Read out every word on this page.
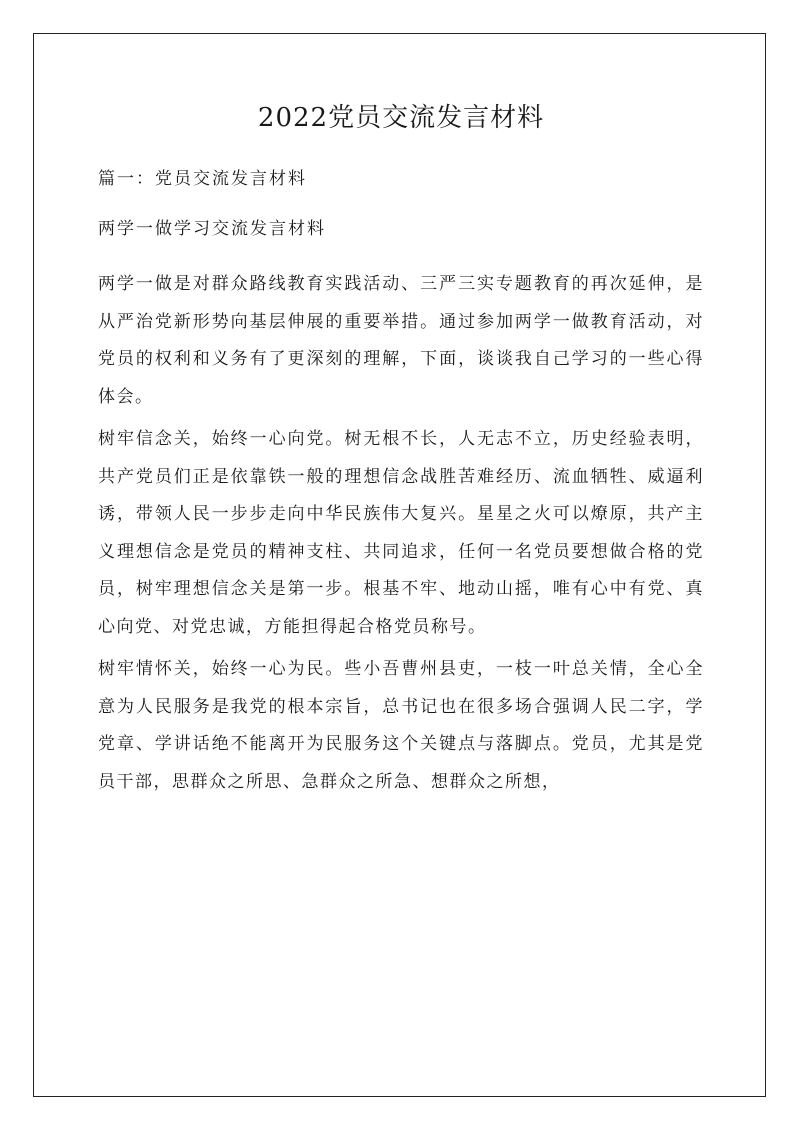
2022党员交流发言材料

篇一：党员交流发言材料

两学一做学习交流发言材料

两学一做是对群众路线教育实践活动、三严三实专题教育的再次延伸，是从严治党新形势向基层伸展的重要举措。通过参加两学一做教育活动，对党员的权利和义务有了更深刻的理解，下面，谈谈我自己学习的一些心得体会。

树牢信念关，始终一心向党。树无根不长，人无志不立，历史经验表明，共产党员们正是依靠铁一般的理想信念战胜苦难经历、流血牺牲、威逼利诱，带领人民一步步走向中华民族伟大复兴。星星之火可以燎原，共产主义理想信念是党员的精神支柱、共同追求，任何一名党员要想做合格的党员，树牢理想信念关是第一步。根基不牢、地动山摇，唯有心中有党、真心向党、对党忠诚，方能担得起合格党员称号。

树牢情怀关，始终一心为民。些小吾曹州县吏，一枝一叶总关情，全心全意为人民服务是我党的根本宗旨，总书记也在很多场合强调人民二字，学党章、学讲话绝不能离开为民服务这个关键点与落脚点。党员，尤其是党员干部，思群众之所思、急群众之所急、想群众之所想，
